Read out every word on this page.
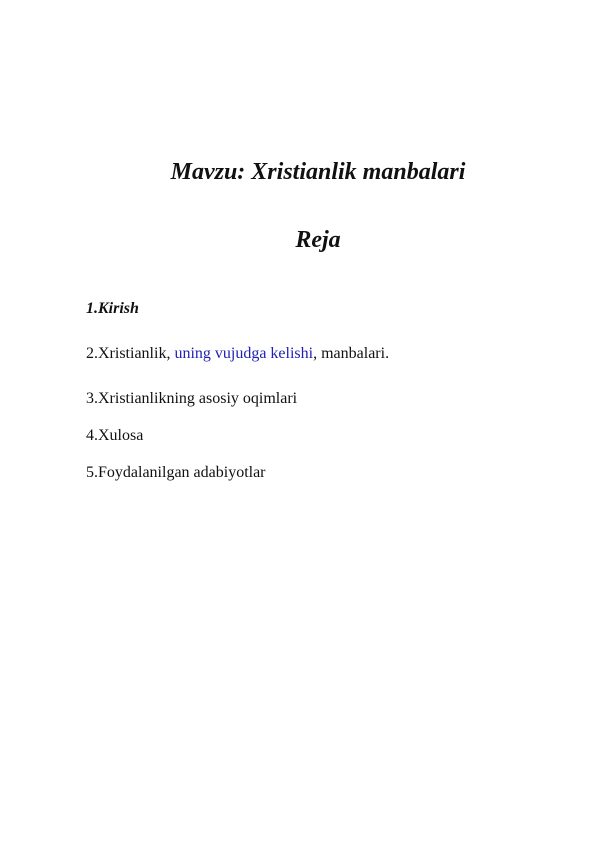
Mavzu: Xristianlik manbalari
Reja
1.Kirish
2.Xristianlik, uning vujudga kelishi, manbalari.
3.Xristianlikning asosiy oqimlari
4.Xulosa
5.Foydalanilgan adabiyotlar
